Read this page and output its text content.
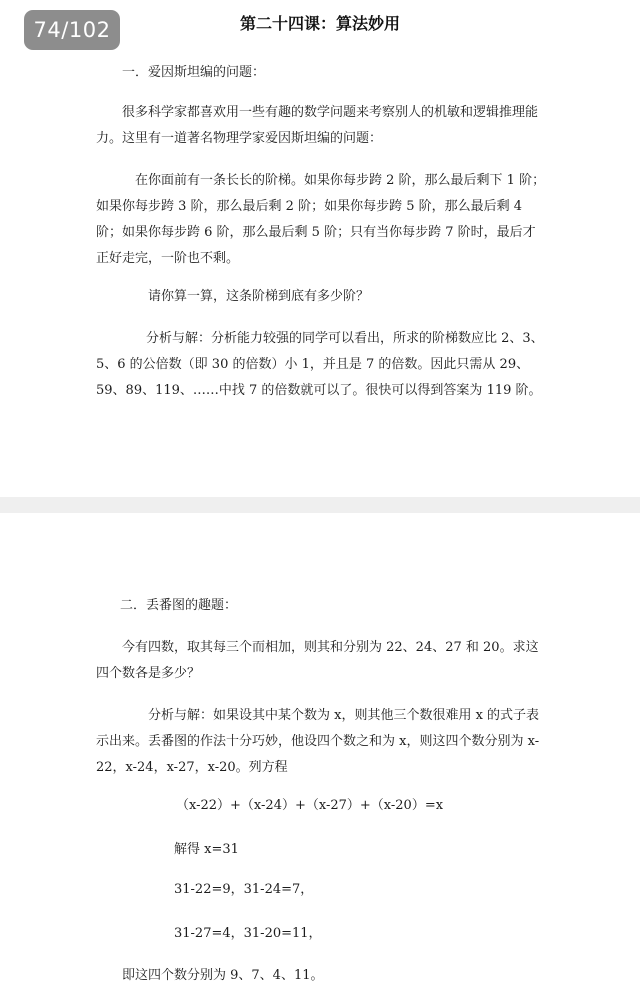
第二十四课：算法妙用

一．爱因斯坦编的问题：

很多科学家都喜欢用一些有趣的数学问题来考察别人的机敏和逻辑推理能力。这里有一道著名物理学家爱因斯坦编的问题：

在你面前有一条长长的阶梯。如果你每步跨 2 阶，那么最后剩下 1 阶；如果你每步跨 3 阶，那么最后剩 2 阶；如果你每步跨 5 阶，那么最后剩 4 阶；如果你每步跨 6 阶，那么最后剩 5 阶；只有当你每步跨 7 阶时，最后才正好走完，一阶也不剩。

请你算一算，这条阶梯到底有多少阶？

分析与解：分析能力较强的同学可以看出，所求的阶梯数应比 2、3、5、6 的公倍数（即 30 的倍数）小 1，并且是 7 的倍数。因此只需从 29、59、89、119、……中找 7 的倍数就可以了。很快可以得到答案为 119 阶。

二．丢番图的趣题：

今有四数，取其每三个而相加，则其和分别为 22、24、27 和 20。求这四个数各是多少？

分析与解：如果设其中某个数为 x，则其他三个数很难用 x 的式子表示出来。丢番图的作法十分巧妙，他设四个数之和为 x，则这四个数分别为 x-22，x-24，x-27，x-20。列方程

（x-22）+（x-24）+（x-27）+（x-20）=x

解得 x=31

31-22=9，31-24=7，

31-27=4，31-20=11，

即这四个数分别为 9、7、4、11。

74/102
